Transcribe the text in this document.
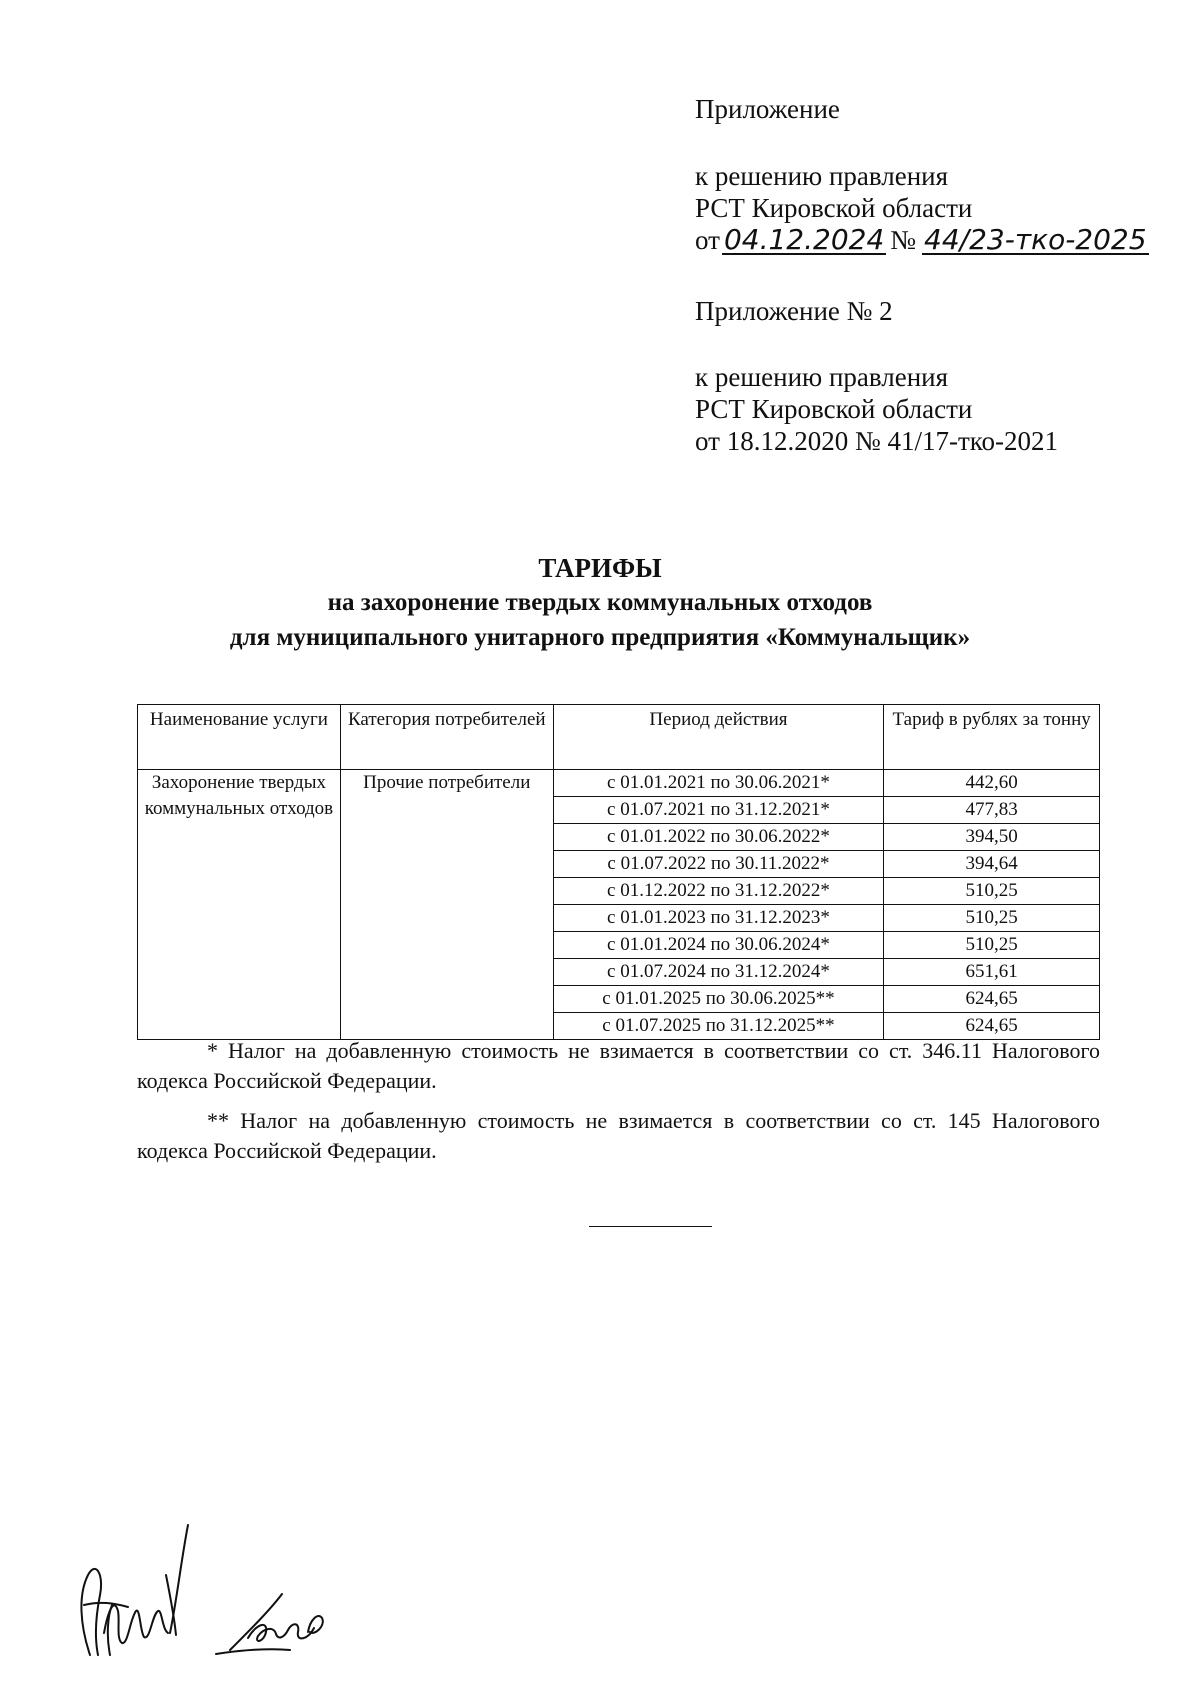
Приложение
к решению правления
РСТ Кировской области
от 04.12.2024 № 44/23-тко-2025
Приложение № 2
к решению правления
РСТ Кировской области
от 18.12.2020 № 41/17-тко-2021
ТАРИФЫ
на захоронение твердых коммунальных отходов
для муниципального унитарного предприятия «Коммунальщик»
Наименование услуги	Категория потребителей	Период действия	Тариф в рублях за тонну
Захоронение твердых коммунальных отходов	Прочие потребители	с 01.01.2021 по 30.06.2021*	442,60
		с 01.07.2021 по 31.12.2021*	477,83
		с 01.01.2022 по 30.06.2022*	394,50
		с 01.07.2022 по 30.11.2022*	394,64
		с 01.12.2022 по 31.12.2022*	510,25
		с 01.01.2023 по 31.12.2023*	510,25
		с 01.01.2024 по 30.06.2024*	510,25
		с 01.07.2024 по 31.12.2024*	651,61
		с 01.01.2025 по 30.06.2025**	624,65
		с 01.07.2025 по 31.12.2025**	624,65
* Налог на добавленную стоимость не взимается в соответствии со ст. 346.11 Налогового кодекса Российской Федерации.
** Налог на добавленную стоимость не взимается в соответствии со ст. 145 Налогового кодекса Российской Федерации.
